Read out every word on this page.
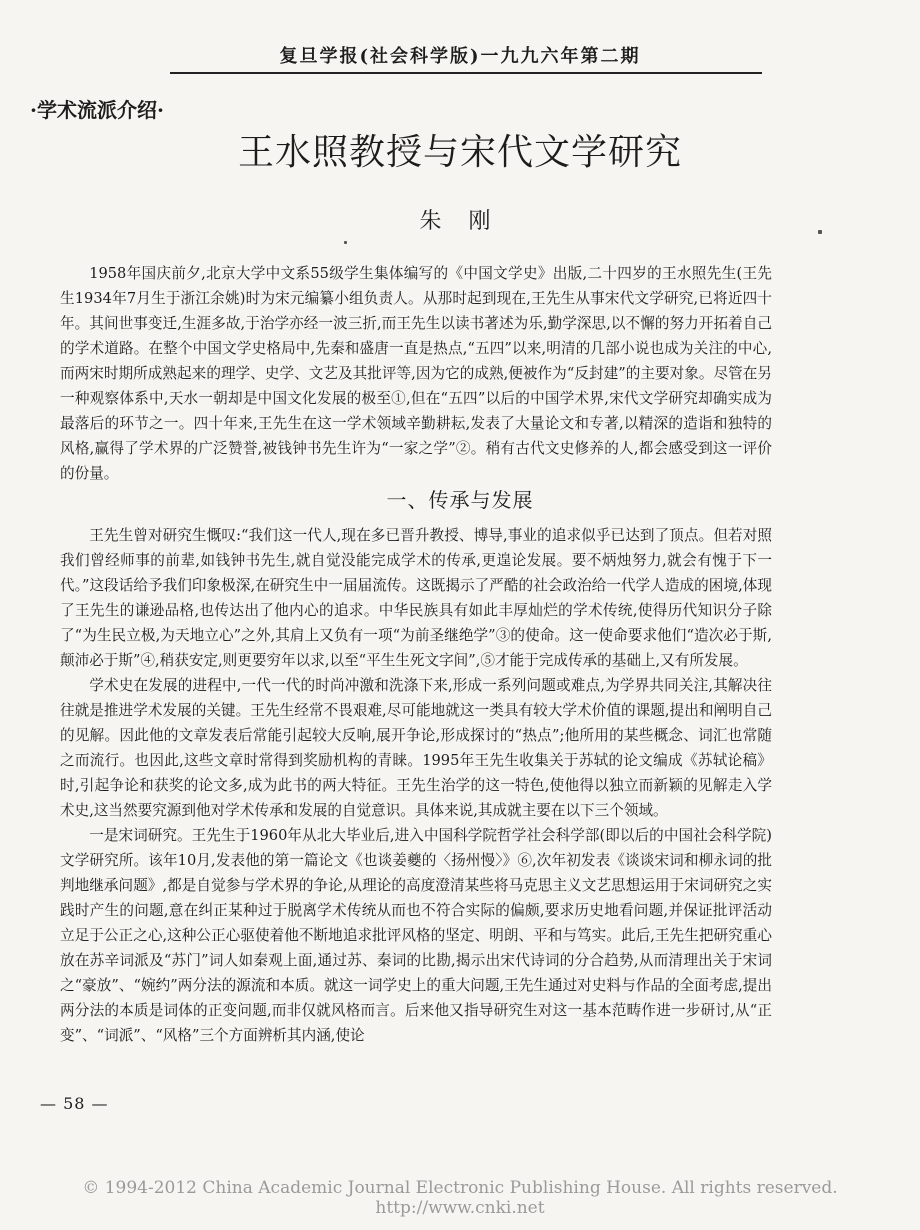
复旦学报(社会科学版)一九九六年第二期
·学术流派介绍·
王水照教授与宋代文学研究
朱 刚

1958年国庆前夕,北京大学中文系55级学生集体编写的《中国文学史》出版,二十四岁的王水照先生(王先生1934年7月生于浙江余姚)时为宋元编纂小组负责人。从那时起到现在,王先生从事宋代文学研究,已将近四十年。其间世事变迁,生涯多故,于治学亦经一波三折,而王先生以读书著述为乐,勤学深思,以不懈的努力开拓着自己的学术道路。在整个中国文学史格局中,先秦和盛唐一直是热点,“五四”以来,明清的几部小说也成为关注的中心,而两宋时期所成熟起来的理学、史学、文艺及其批评等,因为它的成熟,便被作为“反封建”的主要对象。尽管在另一种观察体系中,天水一朝却是中国文化发展的极至①,但在“五四”以后的中国学术界,宋代文学研究却确实成为最落后的环节之一。四十年来,王先生在这一学术领域辛勤耕耘,发表了大量论文和专著,以精深的造诣和独特的风格,赢得了学术界的广泛赞誉,被钱钟书先生许为“一家之学”②。稍有古代文史修养的人,都会感受到这一评价的份量。

一、传承与发展

王先生曾对研究生慨叹:“我们这一代人,现在多已晋升教授、博导,事业的追求似乎已达到了顶点。但若对照我们曾经师事的前辈,如钱钟书先生,就自觉没能完成学术的传承,更遑论发展。要不炳烛努力,就会有愧于下一代。”这段话给予我们印象极深,在研究生中一届届流传。这既揭示了严酷的社会政治给一代学人造成的困境,体现了王先生的谦逊品格,也传达出了他内心的追求。中华民族具有如此丰厚灿烂的学术传统,使得历代知识分子除了“为生民立极,为天地立心”之外,其肩上又负有一项“为前圣继绝学”③的使命。这一使命要求他们“造次必于斯,颠沛必于斯”④,稍获安定,则更要穷年以求,以至“平生生死文字间”,⑤才能于完成传承的基础上,又有所发展。

学术史在发展的进程中,一代一代的时尚冲激和洗涤下来,形成一系列问题或难点,为学界共同关注,其解决往往就是推进学术发展的关键。王先生经常不畏艰难,尽可能地就这一类具有较大学术价值的课题,提出和阐明自己的见解。因此他的文章发表后常能引起较大反响,展开争论,形成探讨的“热点”;他所用的某些概念、词汇也常随之而流行。也因此,这些文章时常得到奖励机构的青睐。1995年王先生收集关于苏轼的论文编成《苏轼论稿》时,引起争论和获奖的论文多,成为此书的两大特征。王先生治学的这一特色,使他得以独立而新颖的见解走入学术史,这当然要究源到他对学术传承和发展的自觉意识。具体来说,其成就主要在以下三个领域。

一是宋词研究。王先生于1960年从北大毕业后,进入中国科学院哲学社会科学部(即以后的中国社会科学院)文学研究所。该年10月,发表他的第一篇论文《也谈姜夔的〈扬州慢〉》⑥,次年初发表《谈谈宋词和柳永词的批判地继承问题》,都是自觉参与学术界的争论,从理论的高度澄清某些将马克思主义文艺思想运用于宋词研究之实践时产生的问题,意在纠正某种过于脱离学术传统从而也不符合实际的偏颇,要求历史地看问题,并保证批评活动立足于公正之心,这种公正心驱使着他不断地追求批评风格的坚定、明朗、平和与笃实。此后,王先生把研究重心放在苏辛词派及“苏门”词人如秦观上面,通过苏、秦词的比勘,揭示出宋代诗词的分合趋势,从而清理出关于宋词之“豪放”、“婉约”两分法的源流和本质。就这一词学史上的重大问题,王先生通过对史料与作品的全面考虑,提出两分法的本质是词体的正变问题,而非仅就风格而言。后来他又指导研究生对这一基本范畴作进一步研讨,从“正变”、“词派”、“风格”三个方面辨析其内涵,使论

— 58 —
© 1994-2012 China Academic Journal Electronic Publishing House. All rights reserved. http://www.cnki.net
